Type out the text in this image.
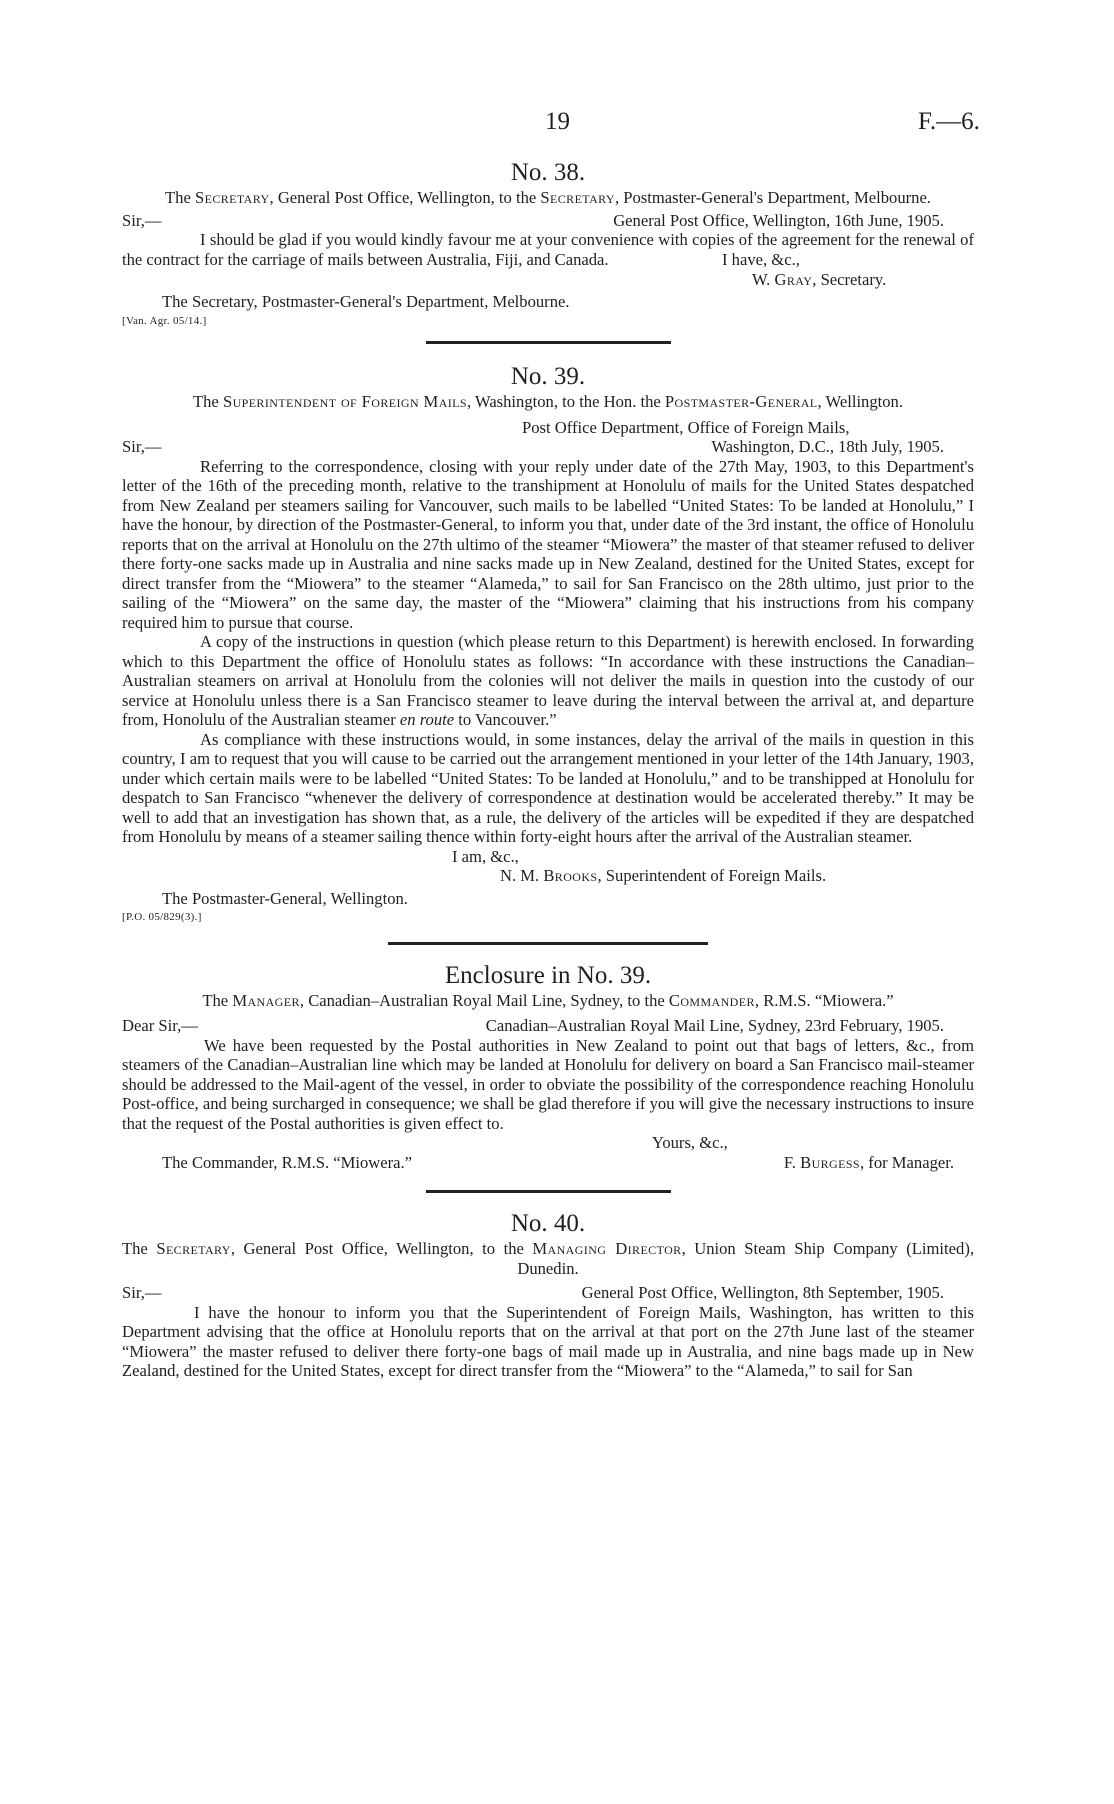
19	F.—6.
No. 38.
The Secretary, General Post Office, Wellington, to the Secretary, Postmaster-General's Department, Melbourne.
Sir,—	General Post Office, Wellington, 16th June, 1905.
I should be glad if you would kindly favour me at your convenience with copies of the agreement for the renewal of the contract for the carriage of mails between Australia, Fiji, and Canada.	I have, &c.,
W. Gray, Secretary.
The Secretary, Postmaster-General's Department, Melbourne.
[Van. Agr. 05/14.]
No. 39.
The Superintendent of Foreign Mails, Washington, to the Hon. the Postmaster-General, Wellington.
Post Office Department, Office of Foreign Mails,
Sir,—	Washington, D.C., 18th July, 1905.
Referring to the correspondence, closing with your reply under date of the 27th May, 1903, to this Department's letter of the 16th of the preceding month, relative to the transhipment at Honolulu of mails for the United States despatched from New Zealand per steamers sailing for Vancouver, such mails to be labelled “United States: To be landed at Honolulu,” I have the honour, by direction of the Postmaster-General, to inform you that, under date of the 3rd instant, the office of Honolulu reports that on the arrival at Honolulu on the 27th ultimo of the steamer “Miowera” the master of that steamer refused to deliver there forty-one sacks made up in Australia and nine sacks made up in New Zealand, destined for the United States, except for direct transfer from the “Miowera” to the steamer “Alameda,” to sail for San Francisco on the 28th ultimo, just prior to the sailing of the “Miowera” on the same day, the master of the “Miowera” claiming that his instructions from his company required him to pursue that course.
A copy of the instructions in question (which please return to this Department) is herewith enclosed. In forwarding which to this Department the office of Honolulu states as follows: “In accordance with these instructions the Canadian–Australian steamers on arrival at Honolulu from the colonies will not deliver the mails in question into the custody of our service at Honolulu unless there is a San Francisco steamer to leave during the interval between the arrival at, and departure from, Honolulu of the Australian steamer en route to Vancouver.”
As compliance with these instructions would, in some instances, delay the arrival of the mails in question in this country, I am to request that you will cause to be carried out the arrangement mentioned in your letter of the 14th January, 1903, under which certain mails were to be labelled “United States: To be landed at Honolulu,” and to be transhipped at Honolulu for despatch to San Francisco “whenever the delivery of correspondence at destination would be accelerated thereby.” It may be well to add that an investigation has shown that, as a rule, the delivery of the articles will be expedited if they are despatched from Honolulu by means of a steamer sailing thence within forty-eight hours after the arrival of the Australian steamer.
I am, &c.,
N. M. Brooks, Superintendent of Foreign Mails.
The Postmaster-General, Wellington.
[P.O. 05/829(3).]
Enclosure in No. 39.
The Manager, Canadian–Australian Royal Mail Line, Sydney, to the Commander, R.M.S. “Miowera.”
Dear Sir,—	Canadian–Australian Royal Mail Line, Sydney, 23rd February, 1905.
We have been requested by the Postal authorities in New Zealand to point out that bags of letters, &c., from steamers of the Canadian–Australian line which may be landed at Honolulu for delivery on board a San Francisco mail-steamer should be addressed to the Mail-agent of the vessel, in order to obviate the possibility of the correspondence reaching Honolulu Post-office, and being surcharged in consequence; we shall be glad therefore if you will give the necessary instructions to insure that the request of the Postal authorities is given effect to.
Yours, &c.,
The Commander, R.M.S. “Miowera.”	F. Burgess, for Manager.
No. 40.
The Secretary, General Post Office, Wellington, to the Managing Director, Union Steam Ship Company (Limited), Dunedin.
Sir,—	General Post Office, Wellington, 8th September, 1905.
I have the honour to inform you that the Superintendent of Foreign Mails, Washington, has written to this Department advising that the office at Honolulu reports that on the arrival at that port on the 27th June last of the steamer “Miowera” the master refused to deliver there forty-one bags of mail made up in Australia, and nine bags made up in New Zealand, destined for the United States, except for direct transfer from the “Miowera” to the “Alameda,” to sail for San
